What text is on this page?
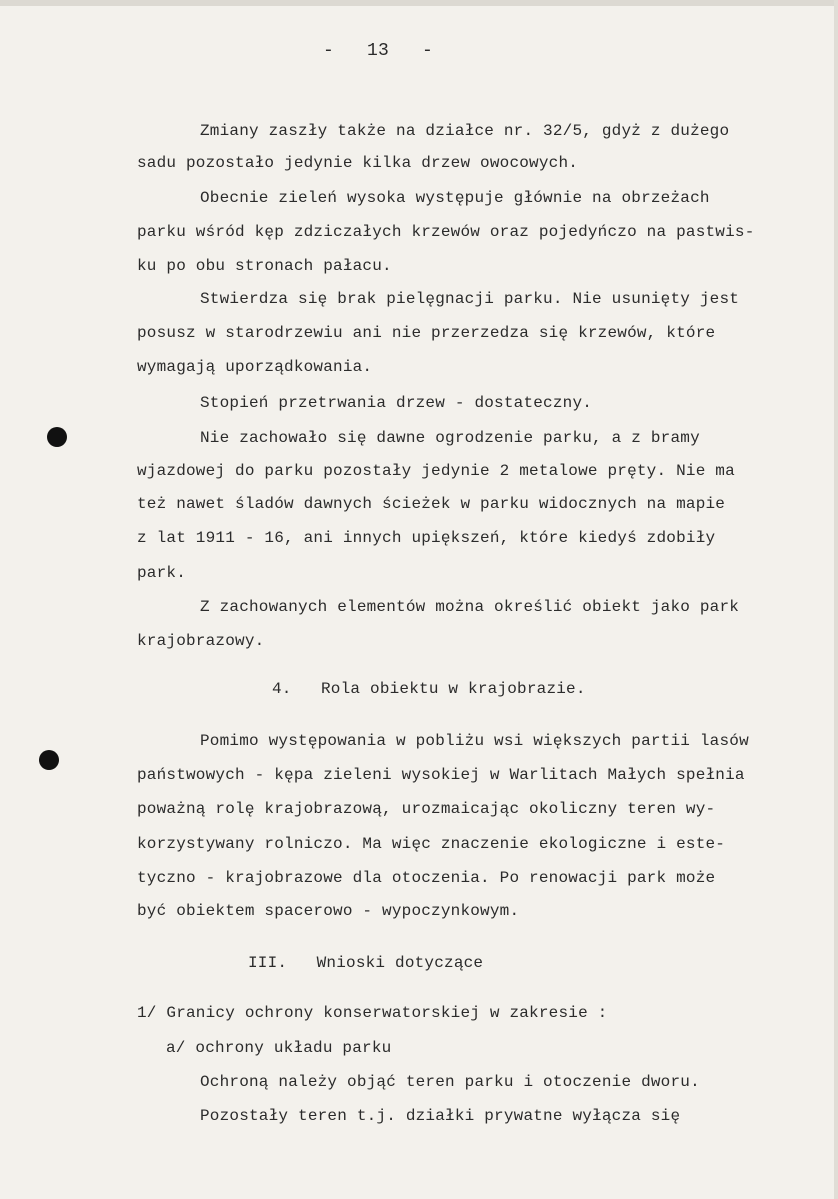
-   13   -
Zmiany zaszły także na działce nr. 32/5, gdyż z dużego
sadu pozostało jedynie kilka drzew owocowych.
Obecnie zieleń wysoka występuje głównie na obrzeżach
parku wśród kęp zdziczałych krzewów oraz pojedyńczo na pastwis-
ku po obu stronach pałacu.
Stwierdza się brak pielęgnacji parku. Nie usunięty jest
posusz w starodrzewiu ani nie przerzedza się krzewów, które
wymagają uporządkowania.
Stopień przetrwania drzew - dostateczny.
Nie zachowało się dawne ogrodzenie parku, a z bramy
wjazdowej do parku pozostały jedynie 2 metalowe pręty. Nie ma
też nawet śladów dawnych ścieżek w parku widocznych na mapie
z lat 1911 - 16, ani innych upiększeń, które kiedyś zdobiły
park.
Z zachowanych elementów można określić obiekt jako park
krajobrazowy.
4.   Rola obiektu w krajobrazie.
Pomimo występowania w pobliżu wsi większych partii lasów
państwowych - kępa zieleni wysokiej w Warlitach Małych spełnia
poważną rolę krajobrazową, urozmaicając okoliczny teren wy-
korzystywany rolniczo. Ma więc znaczenie ekologiczne i este-
tyczno - krajobrazowe dla otoczenia. Po renowacji park może
być obiektem spacerowo - wypoczynkowym.
III.   Wnioski dotyczące
1/ Granicy ochrony konserwatorskiej w zakresie :
a/ ochrony układu parku
Ochroną należy objąć teren parku i otoczenie dworu.
Pozostały teren t.j. działki prywatne wyłącza się
